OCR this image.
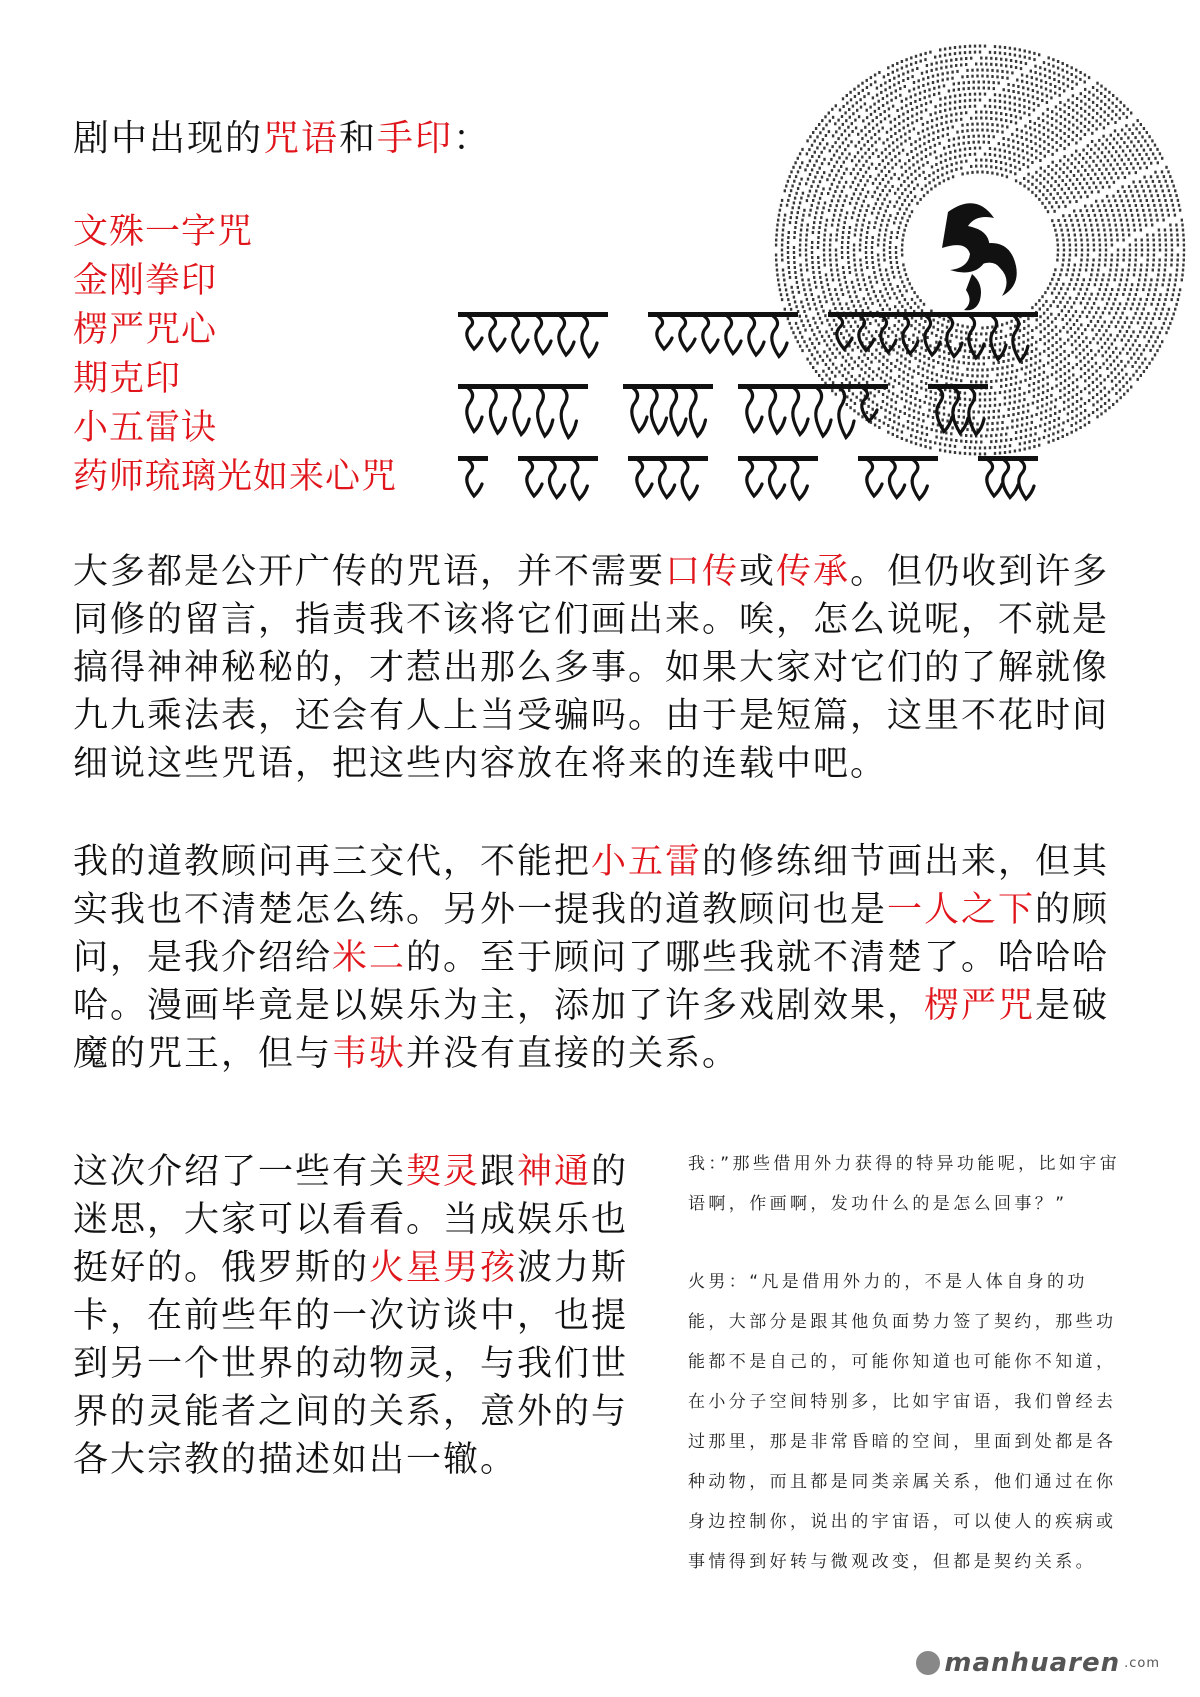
剧中出现的咒语和手印：
文殊一字咒
金刚拳印
楞严咒心
期克印
小五雷诀
药师琉璃光如来心咒
大多都是公开广传的咒语，并不需要口传或传承。但仍收到许多同修的留言，指责我不该将它们画出来。唉，怎么说呢，不就是搞得神神秘秘的，才惹出那么多事。如果大家对它们的了解就像九九乘法表，还会有人上当受骗吗。由于是短篇，这里不花时间细说这些咒语，把这些内容放在将来的连载中吧。
我的道教顾问再三交代，不能把小五雷的修练细节画出来，但其实我也不清楚怎么练。另外一提我的道教顾问也是一人之下的顾问，是我介绍给米二的。至于顾问了哪些我就不清楚了。哈哈哈哈。漫画毕竟是以娱乐为主，添加了许多戏剧效果，楞严咒是破魔的咒王，但与韦驮并没有直接的关系。
这次介绍了一些有关契灵跟神通的迷思，大家可以看看。当成娱乐也挺好的。俄罗斯的火星男孩波力斯卡，在前些年的一次访谈中，也提到另一个世界的动物灵，与我们世界的灵能者之间的关系，意外的与各大宗教的描述如出一辙。

我：”那些借用外力获得的特异功能呢，比如宇宙语啊，作画啊，发功什么的是怎么回事？”

火男：“凡是借用外力的，不是人体自身的功能，大部分是跟其他负面势力签了契约，那些功能都不是自己的，可能你知道也可能你不知道，在小分子空间特别多，比如宇宙语，我们曾经去过那里，那是非常昏暗的空间，里面到处都是各种动物，而且都是同类亲属关系，他们通过在你身边控制你，说出的宇宙语，可以使人的疾病或事情得到好转与微观改变，但都是契约关系。

manhuaren .com
